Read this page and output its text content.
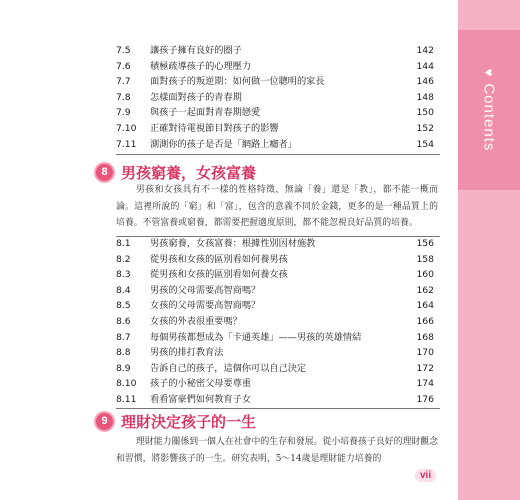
♥Contents
7.5	讓孩子擁有良好的圈子	142
7.6	積極疏導孩子的心理壓力	144
7.7	面對孩子的叛逆期：如何做一位聰明的家長	146
7.8	怎樣面對孩子的青春期	148
7.9	與孩子一起面對青春期戀愛	150
7.10	正確對待電視節目對孩子的影響	152
7.11	測測你的孩子是否是「網路上癮者」	154
8 男孩窮養，女孩富養
男孩和女孩具有不一樣的性格特徵，無論「養」還是「教」，都不能一概而論。這裡所說的「窮」和「富」，包含的意義不同於金錢，更多的是一種品質上的培養。不管富養或窮養，都需要把握適度原則，都不能忽視良好品質的培養。
8.1	男孩窮養，女孩富養：根據性別因材施教	156
8.2	從男孩和女孩的區別看如何養男孩	158
8.3	從男孩和女孩的區別看如何養女孩	160
8.4	男孩的父母需要高智商嗎？	162
8.5	女孩的父母需要高智商嗎？	164
8.6	女孩的外表很重要嗎？	166
8.7	每個男孩都想成為「卡通英雄」——男孩的英雄情結	168
8.8	男孩的排打教育法	170
8.9	告訴自己的孩子，這個你可以自己決定	172
8.10	孩子的小秘密父母要尊重	174
8.11	看看富豪們如何教育子女	176
9 理財決定孩子的一生
理財能力關係到一個人在社會中的生存和發展。從小培養孩子良好的理財觀念和習慣，將影響孩子的一生。研究表明，5～14歲是理財能力培養的
vii
